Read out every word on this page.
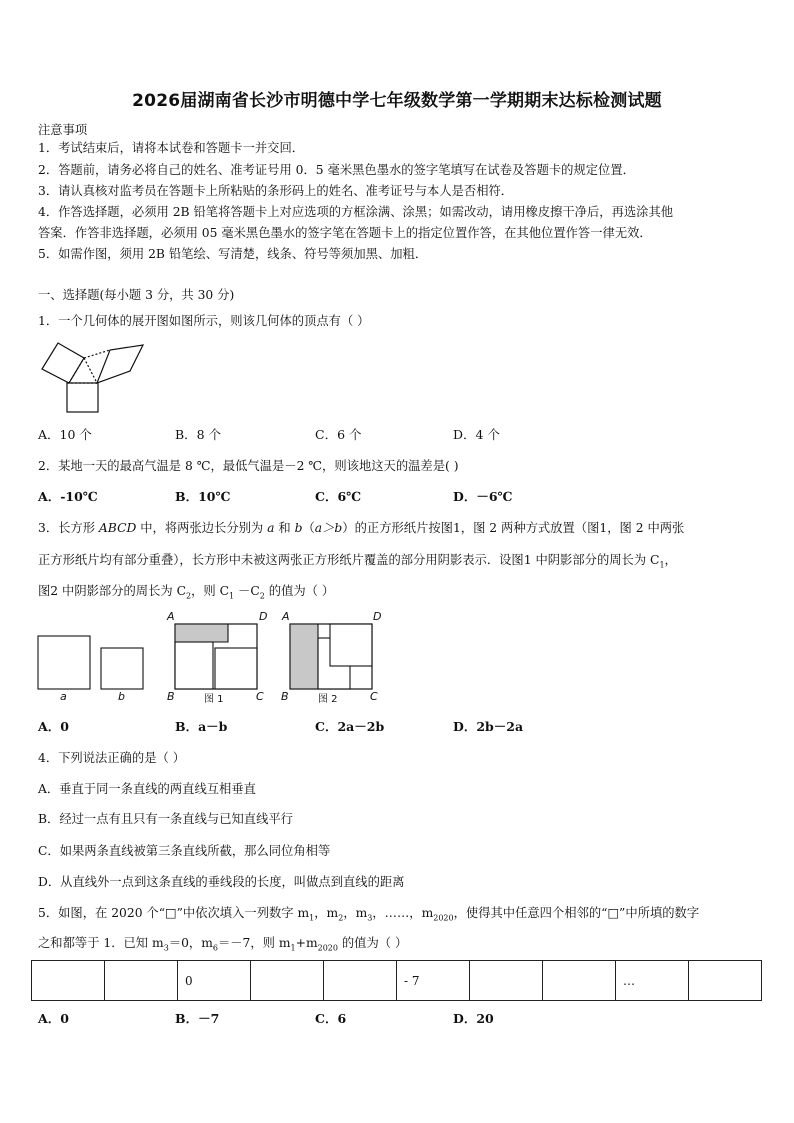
2026届湖南省长沙市明德中学七年级数学第一学期期末达标检测试题
注意事项
1．考试结束后，请将本试卷和答题卡一并交回．
2．答题前，请务必将自己的姓名、准考证号用 0．5 毫米黑色墨水的签字笔填写在试卷及答题卡的规定位置．
3．请认真核对监考员在答题卡上所粘贴的条形码上的姓名、准考证号与本人是否相符．
4．作答选择题，必须用 2B 铅笔将答题卡上对应选项的方框涂满、涂黑；如需改动，请用橡皮擦干净后，再选涂其他
答案．作答非选择题，必须用 05 毫米黑色墨水的签字笔在答题卡上的指定位置作答，在其他位置作答一律无效．
5．如需作图，须用 2B 铅笔绘、写清楚，线条、符号等须加黑、加粗．
一、选择题(每小题 3 分，共 30 分)
1．一个几何体的展开图如图所示，则该几何体的顶点有（ ）
A．10 个	B．8 个	C．6 个	D．4 个
2．某地一天的最高气温是 8 ℃，最低气温是－2 ℃，则该地这天的温差是( )
A．-10℃	B．10℃	C．6℃	D．－6℃
3．长方形 ABCD 中，将两张边长分别为 a 和 b（a＞b）的正方形纸片按图1，图 2 两种方式放置（图1，图 2 中两张
正方形纸片均有部分重叠），长方形中未被这两张正方形纸片覆盖的部分用阴影表示．设图1 中阴影部分的周长为 $C_1$，
图2 中阴影部分的周长为 $C_2$，则 $C_1 -C_2$ 的值为（ ）
a	b
A	D
B	C
A	D
B	C
图 1	图 2
A．0	B．a－b	C．2a－2b	D．2b－2a
4．下列说法正确的是（ ）
A．垂直于同一条直线的两直线互相垂直
B．经过一点有且只有一条直线与已知直线平行
C．如果两条直线被第三条直线所截，那么同位角相等
D．从直线外一点到这条直线的垂线段的长度，叫做点到直线的距离
5．如图，在 2020 个“□”中依次填入一列数字 $m_1$，$m_2$，$m_3$，……，$m_{2020}$，使得其中任意四个相邻的“□”中所填的数字
之和都等于 1．已知 $m_3=0$，$m_6=-7$，则 $m_1+m_{2020}$ 的值为（ ）
		0			- 7			…	
A．0	B．－7	C．6	D．20
